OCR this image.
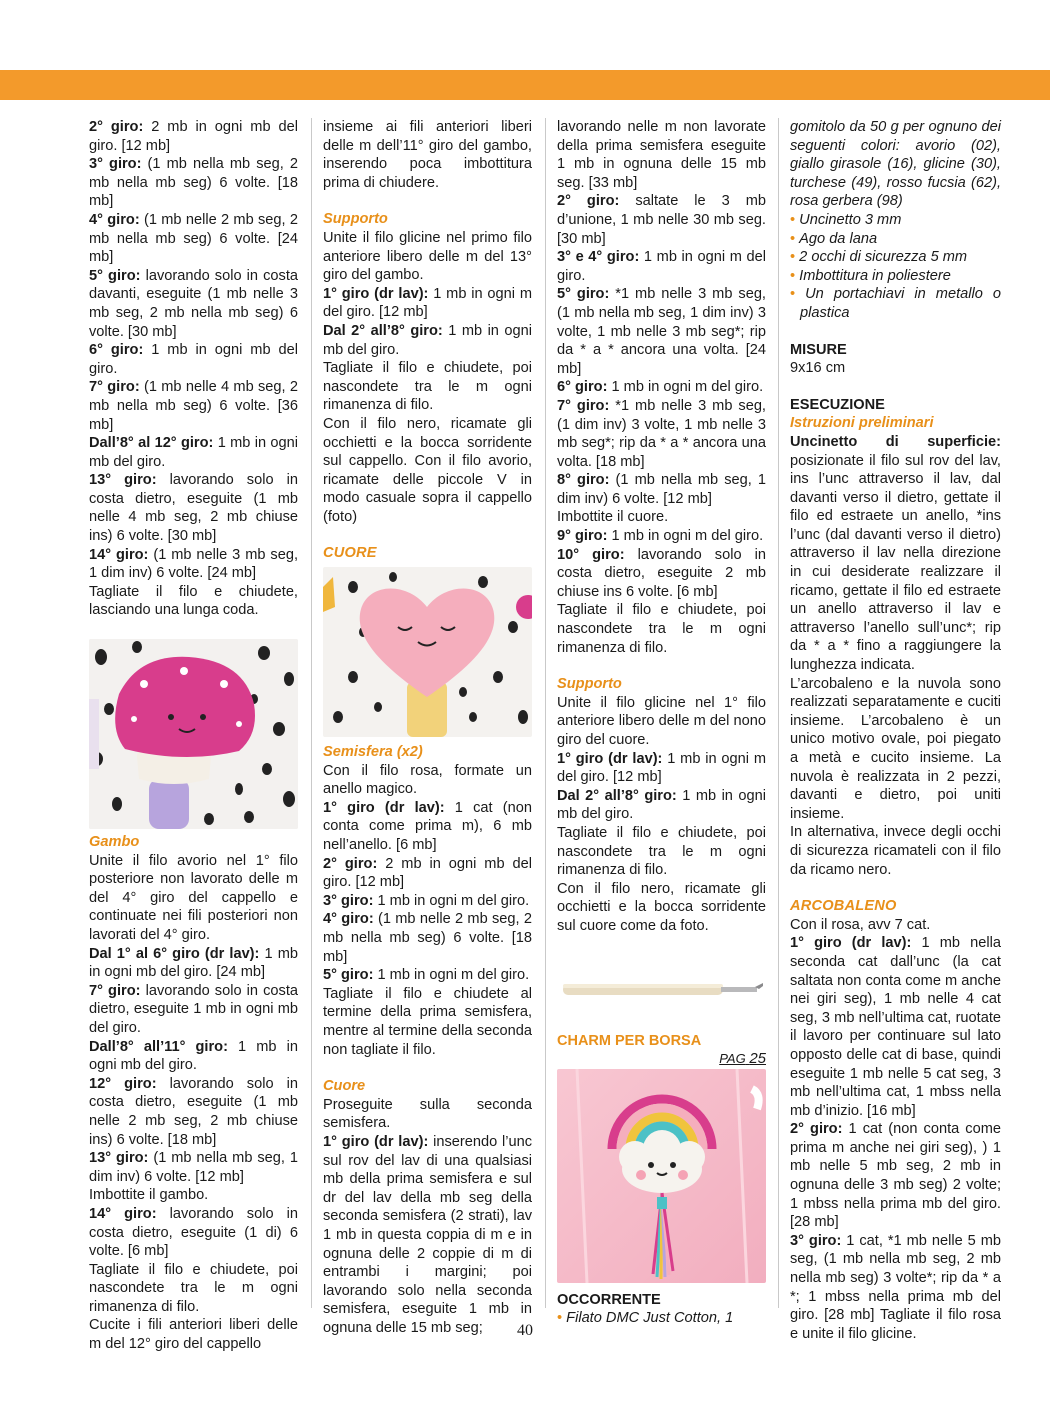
2° giro: 2 mb in ogni mb del giro. [12 mb]

3° giro: (1 mb nella mb seg, 2 mb nella mb seg) 6 volte. [18 mb]

4° giro: (1 mb nelle 2 mb seg, 2 mb nella mb seg) 6 volte. [24 mb]

5° giro: lavorando solo in costa davanti, eseguite (1 mb nelle 3 mb seg, 2 mb nella mb seg) 6 volte. [30 mb]

6° giro: 1 mb in ogni mb del giro.

7° giro: (1 mb nelle 4 mb seg, 2 mb nella mb seg) 6 volte. [36 mb]

Dall’8° al 12° giro: 1 mb in ogni mb del giro.

13° giro: lavorando solo in costa dietro, eseguite (1 mb nelle 4 mb seg, 2 mb chiuse ins) 6 volte. [30 mb]

14° giro: (1 mb nelle 3 mb seg, 1 dim inv) 6 volte. [24 mb]

Tagliate il filo e chiudete, lasciando una lunga coda.

Gambo

Unite il filo avorio nel 1° filo posteriore non lavorato delle m del 4° giro del cappello e continuate nei fili posteriori non lavorati del 4° giro.

Dal 1° al 6° giro (dr lav): 1 mb in ogni mb del giro. [24 mb]

7° giro: lavorando solo in costa dietro, eseguite 1 mb in ogni mb del giro.

Dall’8° all’11° giro: 1 mb in ogni mb del giro.

12° giro: lavorando solo in costa dietro, eseguite (1 mb nelle 2 mb seg, 2 mb chiuse ins) 6 volte. [18 mb]

13° giro: (1 mb nella mb seg, 1 dim inv) 6 volte. [12 mb]

Imbottite il gambo.

14° giro: lavorando solo in costa dietro, eseguite (1 di) 6 volte. [6 mb]

Tagliate il filo e chiudete, poi nascondete tra le m ogni rimanenza di filo.

Cucite i fili anteriori liberi delle m del 12° giro del cappello

insieme ai fili anteriori liberi delle m dell’11° giro del gambo, inserendo poca imbottitura prima di chiudere.

Supporto

Unite il filo glicine nel primo filo anteriore libero delle m del 13° giro del gambo.

1° giro (dr lav): 1 mb in ogni m del giro. [12 mb]

Dal 2° all’8° giro: 1 mb in ogni mb del giro.

Tagliate il filo e chiudete, poi nascondete tra le m ogni rimanenza di filo.

Con il filo nero, ricamate gli occhietti e la bocca sorridente sul cappello. Con il filo avorio, ricamate delle piccole V in modo casuale sopra il cappello (foto)

CUORE

Semisfera (x2)

Con il filo rosa, formate un anello magico.

1° giro (dr lav): 1 cat (non conta come prima m), 6 mb nell’anello. [6 mb]

2° giro: 2 mb in ogni mb del giro. [12 mb]

3° giro: 1 mb in ogni m del giro.

4° giro: (1 mb nelle 2 mb seg, 2 mb nella mb seg) 6 volte. [18 mb]

5° giro: 1 mb in ogni m del giro.

Tagliate il filo e chiudete al termine della prima semisfera, mentre al termine della seconda non tagliate il filo.

Cuore

Proseguite sulla seconda semisfera.

1° giro (dr lav): inserendo l’unc sul rov del lav di una qualsiasi mb della prima semisfera e sul dr del lav della mb seg della seconda semisfera (2 strati), lav 1 mb in questa coppia di m e in ognuna delle 2 coppie di m di entrambi i margini; poi lavorando solo nella seconda semisfera, eseguite 1 mb in ognuna delle 15 mb seg;

lavorando nelle m non lavorate della prima semisfera eseguite 1 mb in ognuna delle 15 mb seg. [33 mb]

2° giro: saltate le 3 mb d’unione, 1 mb nelle 30 mb seg. [30 mb]

3° e 4° giro: 1 mb in ogni m del giro.

5° giro: *1 mb nelle 3 mb seg, (1 mb nella mb seg, 1 dim inv) 3 volte, 1 mb nelle 3 mb seg*; rip da * a * ancora una volta. [24 mb]

6° giro: 1 mb in ogni m del giro.

7° giro: *1 mb nelle 3 mb seg, (1 dim inv) 3 volte, 1 mb nelle 3 mb seg*; rip da * a * ancora una volta. [18 mb]

8° giro: (1 mb nella mb seg, 1 dim inv) 6 volte. [12 mb]

Imbottite il cuore.

9° giro: 1 mb in ogni m del giro.

10° giro: lavorando solo in costa dietro, eseguite 2 mb chiuse ins 6 volte. [6 mb]

Tagliate il filo e chiudete, poi nascondete tra le m ogni rimanenza di filo.

Supporto

Unite il filo glicine nel 1° filo anteriore libero delle m del nono giro del cuore.

1° giro (dr lav): 1 mb in ogni m del giro. [12 mb]

Dal 2° all’8° giro: 1 mb in ogni mb del giro.

Tagliate il filo e chiudete, poi nascondete tra le m ogni rimanenza di filo.

Con il filo nero, ricamate gli occhietti e la bocca sorridente sul cuore come da foto.

CHARM PER BORSA

PAG 25

OCCORRENTE

• Filato DMC Just Cotton, 1

gomitolo da 50 g per ognuno dei seguenti colori: avorio (02), giallo girasole (16), glicine (30), turchese (49), rosso fucsia (62), rosa gerbera (98)

• Uncinetto 3 mm
• Ago da lana
• 2 occhi di sicurezza 5 mm
• Imbottitura in poliestere
• Un portachiavi in metallo o plastica

MISURE

9x16 cm

ESECUZIONE

Istruzioni preliminari

Uncinetto di superficie: posizionate il filo sul rov del lav, ins l’unc attraverso il lav, dal davanti verso il dietro, gettate il filo ed estraete un anello, *ins l’unc (dal davanti verso il dietro) attraverso il lav nella direzione in cui desiderate realizzare il ricamo, gettate il filo ed estraete un anello attraverso il lav e attraverso l’anello sull’unc*; rip da * a * fino a raggiungere la lunghezza indicata.

L’arcobaleno e la nuvola sono realizzati separatamente e cuciti insieme. L’arcobaleno è un unico motivo ovale, poi piegato a metà e cucito insieme. La nuvola è realizzata in 2 pezzi, davanti e dietro, poi uniti insieme.

In alternativa, invece degli occhi di sicurezza ricamateli con il filo da ricamo nero.

ARCOBALENO

Con il rosa, avv 7 cat.

1° giro (dr lav): 1 mb nella seconda cat dall’unc (la cat saltata non conta come m anche nei giri seg), 1 mb nelle 4 cat seg, 3 mb nell’ultima cat, ruotate il lavoro per continuare sul lato opposto delle cat di base, quindi eseguite 1 mb nelle 5 cat seg, 3 mb nell’ultima cat, 1 mbss nella mb d’inizio. [16 mb]

2° giro: 1 cat (non conta come prima m anche nei giri seg), ) 1 mb nelle 5 mb seg, 2 mb in ognuna delle 3 mb seg) 2 volte; 1 mbss nella prima mb del giro. [28 mb]

3° giro: 1 cat, *1 mb nelle 5 mb seg, (1 mb nella mb seg, 2 mb nella mb seg) 3 volte*; rip da * a *; 1 mbss nella prima mb del giro. [28 mb] Tagliate il filo rosa e unite il filo glicine.

40
